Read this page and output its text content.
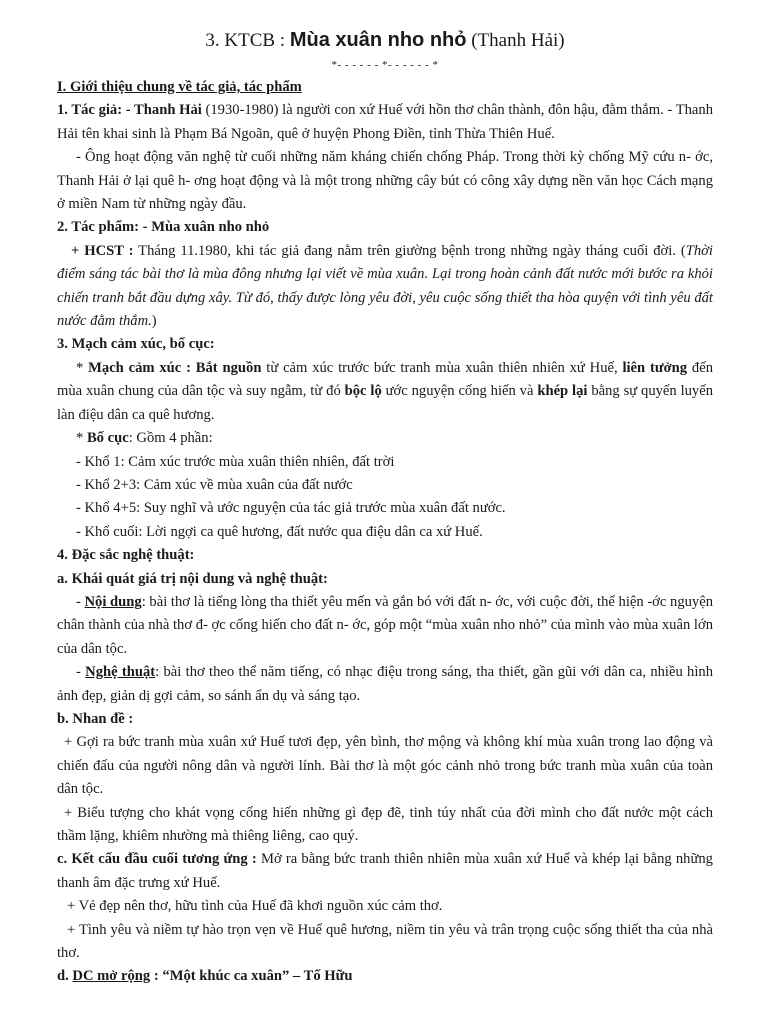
3. KTCB : Mùa xuân nho nhỏ (Thanh Hải)
*- - - - - - *- - - - - - *

I. Giới thiệu chung về tác giả, tác phẩm

1. Tác giả: - Thanh Hải (1930-1980) là người con xứ Huế với hồn thơ chân thành, đôn hậu, đằm thắm. - Thanh Hải tên khai sinh là Phạm Bá Ngoãn, quê ở huyện Phong Điền, tỉnh Thừa Thiên Huế.

- Ông hoạt động văn nghệ từ cuối những năm kháng chiến chống Pháp. Trong thời kỳ chống Mỹ cứu n- ớc, Thanh Hải ở lại quê h- ơng hoạt động và là một trong những cây bút có công xây dựng nền văn học Cách mạng ở miền Nam từ những ngày đầu.

2. Tác phẩm: - Mùa xuân nho nhỏ

+ HCST : Tháng 11.1980, khi tác giả đang nằm trên giường bệnh trong những ngày tháng cuối đời. (Thời điểm sáng tác bài thơ là mùa đông nhưng lại viết về mùa xuân. Lại trong hoàn cảnh đất nước mới bước ra khỏi chiến tranh bắt đầu dựng xây. Từ đó, thấy được lòng yêu đời, yêu cuộc sống thiết tha hòa quyện với tình yêu đất nước đằm thắm.)

3. Mạch cảm xúc, bố cục:

* Mạch cảm xúc : Bắt nguồn từ cảm xúc trước bức tranh mùa xuân thiên nhiên xứ Huế, liên tưởng đến mùa xuân chung của dân tộc và suy ngẫm, từ đó bộc lộ ước nguyện cống hiến và khép lại bằng sự quyến luyến làn điệu dân ca quê hương.

* Bố cục: Gồm 4 phần:

- Khổ 1: Cảm xúc trước mùa xuân thiên nhiên, đất trời

- Khổ 2+3: Cảm xúc về mùa xuân của đất nước

- Khổ 4+5: Suy nghĩ và ước nguyện của tác giả trước mùa xuân đất nước.

- Khổ cuối: Lời ngợi ca quê hương, đất nước qua điệu dân ca xứ Huế.

4. Đặc sắc nghệ thuật:

a. Khái quát giá trị nội dung và nghệ thuật:

- Nội dung: bài thơ là tiếng lòng tha thiết yêu mến và gắn bó với đất n- ớc, với cuộc đời, thể hiện -ớc nguyện chân thành của nhà thơ đ- ợc cống hiến cho đất n- ớc, góp một “mùa xuân nho nhỏ” của mình vào mùa xuân lớn của dân tộc.

- Nghệ thuật: bài thơ theo thể năm tiếng, có nhạc điệu trong sáng, tha thiết, gần gũi với dân ca, nhiều hình ảnh đẹp, giản dị gợi cảm, so sánh ẩn dụ và sáng tạo.

b. Nhan đề :

+ Gợi ra bức tranh mùa xuân xứ Huế tươi đẹp, yên bình, thơ mộng và không khí mùa xuân trong lao động và chiến đấu của người nông dân và người lính. Bài thơ là một góc cảnh nhỏ trong bức tranh mùa xuân của toàn dân tộc.

+ Biểu tượng cho khát vọng cống hiến những gì đẹp đẽ, tinh túy nhất của đời mình cho đất nước một cách thầm lặng, khiêm nhường mà thiêng liêng, cao quý.

c. Kết cấu đầu cuối tương ứng : Mở ra bằng bức tranh thiên nhiên mùa xuân xứ Huế và khép lại bằng những thanh âm đặc trưng xứ Huế.

+ Vẻ đẹp nên thơ, hữu tình của Huế đã khơi nguồn xúc cảm thơ.

+ Tình yêu và niềm tự hào trọn vẹn về Huế quê hương, niềm tin yêu và trân trọng cuộc sống thiết tha của nhà thơ.

d. DC mở rộng : “Một khúc ca xuân” – Tố Hữu
